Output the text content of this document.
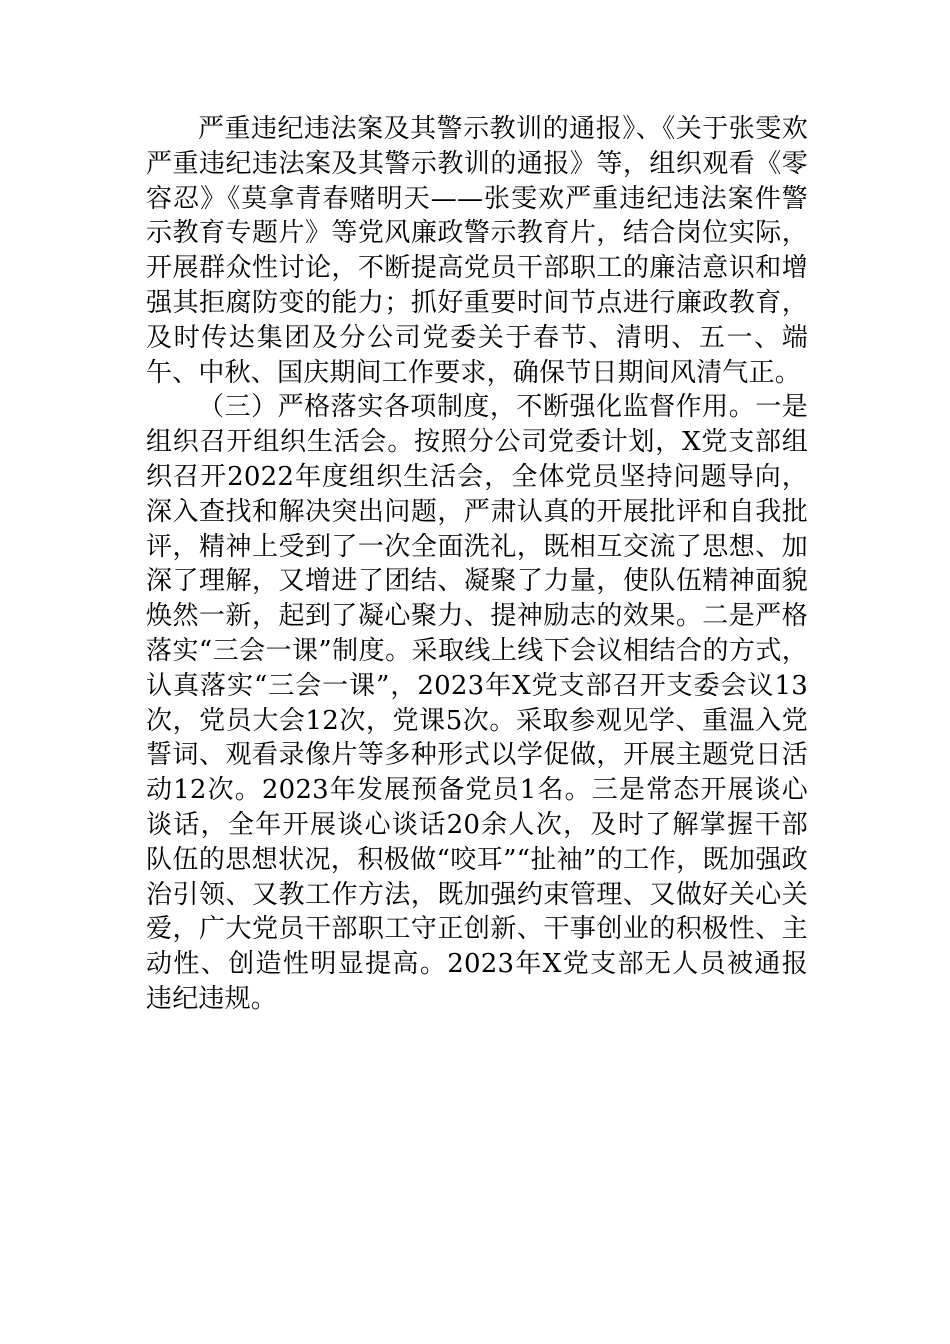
严重违纪违法案及其警示教训的通报》、《关于张雯欢严重违纪违法案及其警示教训的通报》等，组织观看《零容忍》《莫拿青春赌明天——张雯欢严重违纪违法案件警示教育专题片》等党风廉政警示教育片，结合岗位实际，开展群众性讨论，不断提高党员干部职工的廉洁意识和增强其拒腐防变的能力；抓好重要时间节点进行廉政教育，及时传达集团及分公司党委关于春节、清明、五一、端午、中秋、国庆期间工作要求，确保节日期间风清气正。

（三）严格落实各项制度，不断强化监督作用。一是组织召开组织生活会。按照分公司党委计划，X党支部组织召开2022年度组织生活会，全体党员坚持问题导向，深入查找和解决突出问题，严肃认真的开展批评和自我批评，精神上受到了一次全面洗礼，既相互交流了思想、加深了理解，又增进了团结、凝聚了力量，使队伍精神面貌焕然一新，起到了凝心聚力、提神励志的效果。二是严格落实“三会一课”制度。采取线上线下会议相结合的方式，认真落实“三会一课”，2023年X党支部召开支委会议13次，党员大会12次，党课5次。采取参观见学、重温入党誓词、观看录像片等多种形式以学促做，开展主题党日活动12次。2023年发展预备党员1名。三是常态开展谈心谈话，全年开展谈心谈话20余人次，及时了解掌握干部队伍的思想状况，积极做“咬耳”“扯袖”的工作，既加强政治引领、又教工作方法，既加强约束管理、又做好关心关爱，广大党员干部职工守正创新、干事创业的积极性、主动性、创造性明显提高。2023年X党支部无人员被通报违纪违规。
